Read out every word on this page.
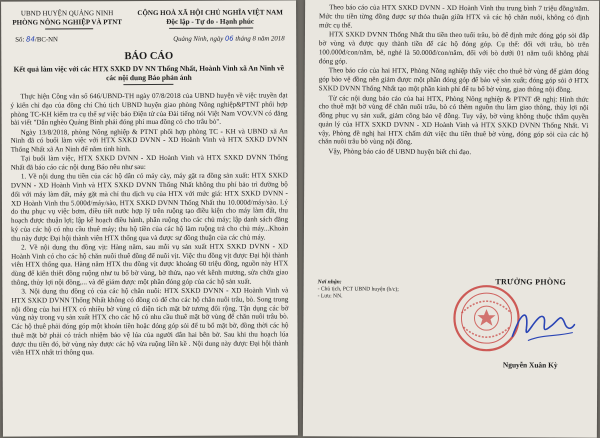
UBND HUYỆN QUẢNG NINH
PHÒNG NÔNG NGHIỆP VÀ PTNT
CỘNG HOÀ XÃ HỘI CHỦ NGHĨA VIỆT NAM
Độc lập - Tự do - Hạnh phúc
Số: 84/BC-NN	Quảng Ninh, ngày 06 tháng 8 năm 2018
BÁO CÁO
Kết quả làm việc với các HTX SXKD DV NN Thống Nhất, Hoành Vinh xã An Ninh về các nội dung Báo phản ánh

Thực hiện Công văn số 646/UBND-TH ngày 07/8/2018 của UBND huyện về việc truyền đạt ý kiến chỉ đạo của đồng chí Chủ tịch UBND huyện giao phòng Nông nghiệp&PTNT phối hợp phòng TC-KH kiểm tra cụ thể sự việc báo Điện tử của Đài tiếng nói Việt Nam VOV.VN có đăng bài viết "Dân nghèo Quảng Bình phải đóng phí mua đồng cỏ cho trâu bò".

Ngày 13/8/2018, phòng Nông nghiệp & PTNT phối hợp phòng TC - KH và UBND xã An Ninh đã có buổi làm việc với HTX SXKD DVNN - XD Hoành Vinh và HTX SXKD DVNN Thống Nhất xã An Ninh để nắm tình hình.

Tại buổi làm việc, HTX SXKD DVNN - XD Hoành Vinh và HTX SXKD DVNN Thống Nhất đã báo cáo các nội dung Báo nêu như sau:

1. Về nội dung thu tiền của các hộ dân có máy cày, máy gặt ra đồng sản xuất: HTX SXKD DVNN - XD Hoành Vinh và HTX SXKD DVNN Thống Nhất không thu phí bảo trì đường bộ đối với máy làm đất, máy gặt mà chỉ thu dịch vụ của HTX với mức giá: HTX SXKD DVNN - XD Hoành Vinh thu 5.000đ/máy/sào, HTX SXKD DVNN Thống Nhất thu 10.000đ/máy/sào. Lý do thu phục vụ việc bơm, điều tiết nước hợp lý trên ruộng tạo điều kiện cho máy làm đất, thu hoạch được thuận lợi; lập kế hoạch điều hành, phân ruộng cho các chủ máy; lập danh sách đăng ký của các hộ có nhu cầu thuê máy; thu hộ tiền của các hộ làm ruộng trả cho chủ máy...Khoản thu này được Đại hội thành viên HTX thống qua và được sự đồng thuận của các chủ máy.

2. Về nội dung thu đồng vịt: Hàng năm, sau mỗi vụ sản xuất HTX SXKD DVNN - XD Hoành Vinh có cho các hộ chăn nuôi thuê đồng để nuôi vịt. Việc thu đồng vịt được Đại hội thành viên HTX thống qua. Hàng năm HTX thu đồng vịt được khoảng 60 triệu đồng, nguồn này HTX dùng để kiến thiết đồng ruộng như tu bổ bờ vùng, bờ thửa, nạo vét kênh mương, sửa chữa giao thông, thủy lợi nội đồng,... và để giảm được một phần đóng góp của các hộ sản xuất.

3. Nội dung thu đồng cỏ của các hộ chăn nuôi: HTX SXKD DVNN - XD Hoành Vinh và HTX SXKD DVNN Thống Nhất không có đồng cỏ để cho các hộ chăn nuôi trâu, bò. Song trong nội đồng của hai HTX có nhiều bờ vùng có diện tích mặt bờ tương đối rộng. Tận dụng các bờ vùng này trong vụ sản xuất HTX cho các hộ có nhu cầu thuê mặt bờ vùng để chăn nuôi trâu bò. Các hộ thuê phải đóng góp một khoản tiền hoặc đóng góp sỏi để tu bổ mặt bờ, đồng thời các hộ thuê mặt bờ phải có trách nhiệm bảo vệ lúa của người dân hai bên bờ. Sau khi thu hoạch lúa được thu tiền đó, bờ vùng này được các hộ vừa ruộng liền kề . Nội dung này được Đại hội thành viên HTX nhất trí thông qua.

Theo báo cáo của HTX SXKD DVNN - XD Hoành Vinh thu trung bình 7 triệu đồng/năm. Mức thu tiền từng đồng được sự thỏa thuận giữa HTX và các hộ chăn nuôi, không có định mức cụ thể.

HTX SXKD DVNN Thống Nhất thu tiền theo tuổi trâu, bò để định mức đóng góp sỏi đắp bờ vùng và được quy thành tiền để các hộ đóng góp. Cụ thể: đối với trâu, bò trên 100.000đ/con/năm, bê, nghé là 50.000đ/con/năm, đối với bò dưới 01 năm tuổi không phải đóng góp.

Theo báo cáo của hai HTX, Phòng Nông nghiệp thấy việc cho thuê bờ vùng để giảm đóng góp bảo vệ đồng nên giảm được một phần đóng góp để bảo vệ sản xuất; đóng góp sỏi ở HTX SXKD DVNN Thống Nhất tạo một phần kinh phí để tu bổ bờ vùng, giao thông nội đồng.

Từ các nội dung báo cáo của hai HTX, Phòng Nông nghiệp & PTNT đề nghị: Hình thức cho thuê mặt bờ vùng để chăn nuôi trâu, bò có thêm nguồn thu làm giao thông, thủy lợi nội đồng phục vụ sản xuất, giảm công bảo vệ đồng. Tuy vậy, bờ vùng không thuộc thẩm quyền quản lý của HTX SXKD DVNN - XD Hoành Vinh và HTX SXKD DVNN Thống Nhất. Vì vậy, Phòng đề nghị hai HTX chấm dứt việc thu tiền thuê bờ vùng, đóng góp sỏi của các hộ chăn nuôi trâu bò vùng nội đồng.

Vậy, Phòng báo cáo để UBND huyện biết chỉ đạo.

Nơi nhận:
- Chủ tịch, PCT UBND huyện (b/c);
- Lưu: NN.
TRƯỞNG PHÒNG
Nguyễn Xuân Kỳ
